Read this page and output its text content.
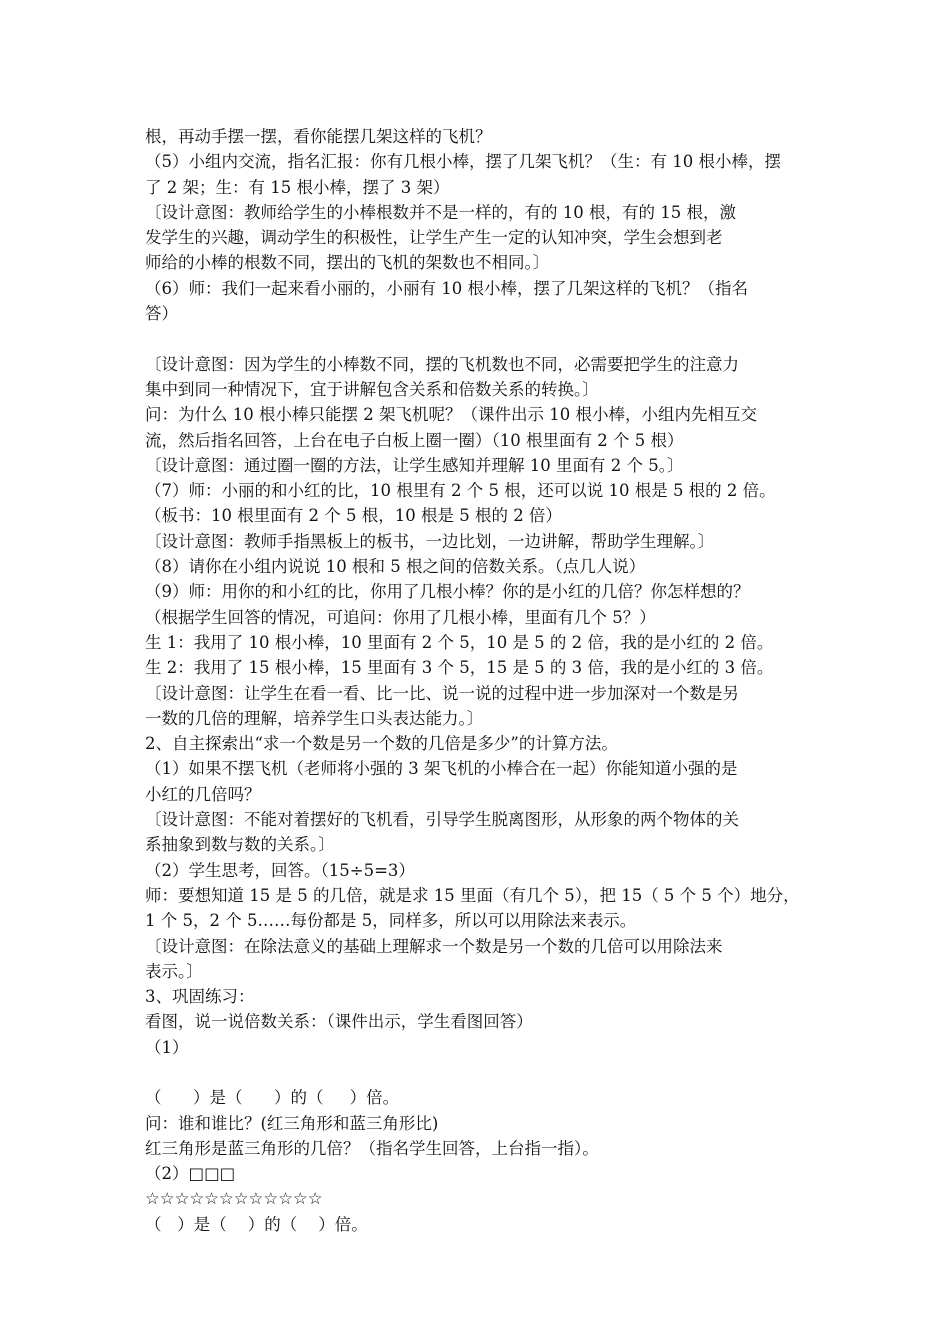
根，再动手摆一摆，看你能摆几架这样的飞机？
（5）小组内交流，指名汇报：你有几根小棒，摆了几架飞机？（生：有 10 根小棒，摆
了 2 架；生：有 15 根小棒，摆了 3 架）
〔设计意图：教师给学生的小棒根数并不是一样的，有的 10 根，有的 15 根，激
发学生的兴趣，调动学生的积极性，让学生产生一定的认知冲突，学生会想到老
师给的小棒的根数不同，摆出的飞机的架数也不相同。〕
（6）师：我们一起来看小丽的，小丽有 10 根小棒，摆了几架这样的飞机？（指名
答）
〔设计意图：因为学生的小棒数不同，摆的飞机数也不同，必需要把学生的注意力
集中到同一种情况下，宜于讲解包含关系和倍数关系的转换。〕
问：为什么 10 根小棒只能摆 2 架飞机呢？（课件出示 10 根小棒，小组内先相互交
流，然后指名回答，上台在电子白板上圈一圈）（10 根里面有 2 个 5 根）
〔设计意图：通过圈一圈的方法，让学生感知并理解 10 里面有 2 个 5。〕
（7）师：小丽的和小红的比，10 根里有 2 个 5 根，还可以说 10 根是 5 根的 2 倍。
（板书：10 根里面有 2 个 5 根，10 根是 5 根的 2 倍）
〔设计意图：教师手指黑板上的板书，一边比划，一边讲解，帮助学生理解。〕
（8）请你在小组内说说 10 根和 5 根之间的倍数关系。（点几人说）
（9）师：用你的和小红的比，你用了几根小棒？你的是小红的几倍？你怎样想的？
（根据学生回答的情况，可追问：你用了几根小棒，里面有几个 5？）
生 1：我用了 10 根小棒，10 里面有 2 个 5，10 是 5 的 2 倍，我的是小红的 2 倍。
生 2：我用了 15 根小棒，15 里面有 3 个 5，15 是 5 的 3 倍，我的是小红的 3 倍。
〔设计意图：让学生在看一看、比一比、说一说的过程中进一步加深对一个数是另
一数的几倍的理解，培养学生口头表达能力。〕
2、自主探索出“求一个数是另一个数的几倍是多少”的计算方法。
（1）如果不摆飞机（老师将小强的 3 架飞机的小棒合在一起）你能知道小强的是
小红的几倍吗？
〔设计意图：不能对着摆好的飞机看，引导学生脱离图形，从形象的两个物体的关
系抽象到数与数的关系。〕
（2）学生思考，回答。（15÷5=3）
师：要想知道 15 是 5 的几倍，就是求 15 里面（有几个 5），把 15（ 5 个 5 个）地分，
1 个 5，2 个 5……每份都是 5，同样多，所以可以用除法来表示。
〔设计意图：在除法意义的基础上理解求一个数是另一个数的几倍可以用除法来
表示。〕
3、巩固练习：
看图，说一说倍数关系：（课件出示，学生看图回答）
（1）
（      ）是（      ）的（     ）倍。
问：谁和谁比？(红三角形和蓝三角形比)
红三角形是蓝三角形的几倍？（指名学生回答，上台指一指）。
（2）□□□
☆☆☆☆☆☆☆☆☆☆☆☆
（   ）是（    ）的（    ）倍。
